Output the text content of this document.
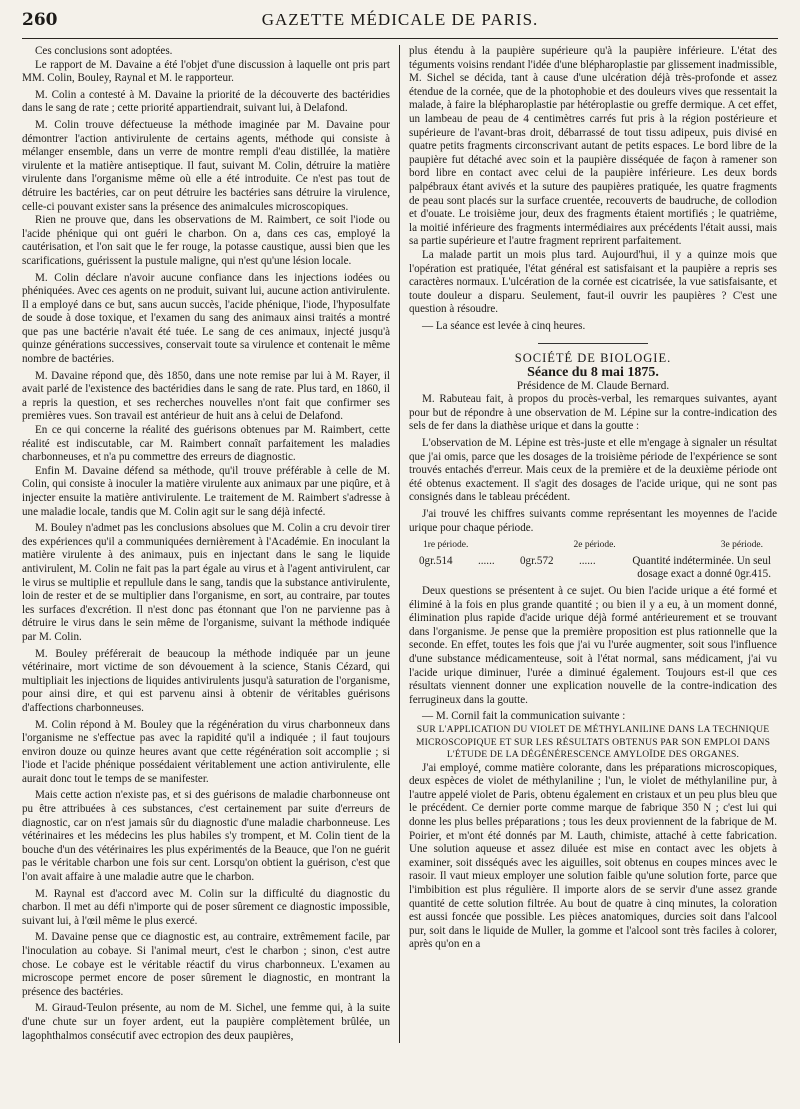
260	GAZETTE MÉDICALE DE PARIS.

Ces conclusions sont adoptées.

Le rapport de M. Davaine a été l'objet d'une discussion à laquelle ont pris part MM. Colin, Bouley, Raynal et M. le rapporteur.

M. Colin a contesté à M. Davaine la priorité de la découverte des bactéridies dans le sang de rate ; cette priorité appartiendrait, suivant lui, à Delafond.

M. Colin trouve défectueuse la méthode imaginée par M. Davaine pour démontrer l'action antivirulente de certains agents, méthode qui consiste à mélanger ensemble, dans un verre de montre rempli d'eau distillée, la matière virulente et la matière antiseptique. Il faut, suivant M. Colin, détruire la matière virulente dans l'organisme même où elle a été introduite. Ce n'est pas tout de détruire les bactéries, car on peut détruire les bactéries sans détruire la virulence, celle-ci pouvant exister sans la présence des animalcules microscopiques.

Rien ne prouve que, dans les observations de M. Raimbert, ce soit l'iode ou l'acide phénique qui ont guéri le charbon. On a, dans ces cas, employé la cautérisation, et l'on sait que le fer rouge, la potasse caustique, aussi bien que les scarifications, guérissent la pustule maligne, qui n'est qu'une lésion locale.

M. Colin déclare n'avoir aucune confiance dans les injections iodées ou phéniquées. Avec ces agents on ne produit, suivant lui, aucune action antivirulente. Il a employé dans ce but, sans aucun succès, l'acide phénique, l'iode, l'hyposulfate de soude à dose toxique, et l'examen du sang des animaux ainsi traités a montré que pas une bactérie n'avait été tuée. Le sang de ces animaux, injecté jusqu'à quinze générations successives, conservait toute sa virulence et contenait le même nombre de bactéries.

M. Davaine répond que, dès 1850, dans une note remise par lui à M. Rayer, il avait parlé de l'existence des bactéridies dans le sang de rate. Plus tard, en 1860, il a repris la question, et ses recherches nouvelles n'ont fait que confirmer ses premières vues. Son travail est antérieur de huit ans à celui de Delafond.

En ce qui concerne la réalité des guérisons obtenues par M. Raimbert, cette réalité est indiscutable, car M. Raimbert connaît parfaitement les maladies charbonneuses, et n'a pu commettre des erreurs de diagnostic.

Enfin M. Davaine défend sa méthode, qu'il trouve préférable à celle de M. Colin, qui consiste à inoculer la matière virulente aux animaux par une piqûre, et à injecter ensuite la matière antivirulente. Le traitement de M. Raimbert s'adresse à une maladie locale, tandis que M. Colin agit sur le sang déjà infecté.

M. Bouley n'admet pas les conclusions absolues que M. Colin a cru devoir tirer des expériences qu'il a communiquées dernièrement à l'Académie. En inoculant la matière virulente à des animaux, puis en injectant dans le sang le liquide antivirulent, M. Colin ne fait pas la part égale au virus et à l'agent antivirulent, car le virus se multiplie et repullule dans le sang, tandis que la substance antivirulente, loin de rester et de se multiplier dans l'organisme, en sort, au contraire, par toutes les surfaces d'excrétion. Il n'est donc pas étonnant que l'on ne parvienne pas à détruire le virus dans le sein même de l'organisme, suivant la méthode indiquée par M. Colin.

M. Bouley préférerait de beaucoup la méthode indiquée par un jeune vétérinaire, mort victime de son dévouement à la science, Stanis Cézard, qui multipliait les injections de liquides antivirulents jusqu'à saturation de l'organisme, pour ainsi dire, et qui est parvenu ainsi à obtenir de véritables guérisons d'affections charbonneuses.

M. Colin répond à M. Bouley que la régénération du virus charbonneux dans l'organisme ne s'effectue pas avec la rapidité qu'il a indiquée ; il faut toujours environ douze ou quinze heures avant que cette régénération soit accomplie ; si l'iode et l'acide phénique possédaient véritablement une action antivirulente, elle aurait donc tout le temps de se manifester.

Mais cette action n'existe pas, et si des guérisons de maladie charbonneuse ont pu être attribuées à ces substances, c'est certainement par suite d'erreurs de diagnostic, car on n'est jamais sûr du diagnostic d'une maladie charbonneuse. Les vétérinaires et les médecins les plus habiles s'y trompent, et M. Colin tient de la bouche d'un des vétérinaires les plus expérimentés de la Beauce, que l'on ne guérit pas le véritable charbon une fois sur cent. Lorsqu'on obtient la guérison, c'est que l'on avait affaire à une maladie autre que le charbon.

M. Raynal est d'accord avec M. Colin sur la difficulté du diagnostic du charbon. Il met au défi n'importe qui de poser sûrement ce diagnostic impossible, suivant lui, à l'œil même le plus exercé.

M. Davaine pense que ce diagnostic est, au contraire, extrêmement facile, par l'inoculation au cobaye. Si l'animal meurt, c'est le charbon ; sinon, c'est autre chose. Le cobaye est le véritable réactif du virus charbonneux. L'examen au microscope permet encore de poser sûrement le diagnostic, en montrant la présence des bactéries.

M. Giraud-Teulon présente, au nom de M. Sichel, une femme qui, à la suite d'une chute sur un foyer ardent, eut la paupière complètement brûlée, un lagophthalmos consécutif avec ectropion des deux paupières,

plus étendu à la paupière supérieure qu'à la paupière inférieure. L'état des téguments voisins rendant l'idée d'une blépharoplastie par glissement inadmissible, M. Sichel se décida, tant à cause d'une ulcération déjà très-profonde et assez étendue de la cornée, que de la photophobie et des douleurs vives que ressentait la malade, à faire la blépharoplastie par hétéroplastie ou greffe dermique. A cet effet, un lambeau de peau de 4 centimètres carrés fut pris à la région postérieure et supérieure de l'avant-bras droit, débarrassé de tout tissu adipeux, puis divisé en quatre petits fragments circonscrivant autant de petits espaces. Le bord libre de la paupière fut détaché avec soin et la paupière disséquée de façon à ramener son bord libre en contact avec celui de la paupière inférieure. Les deux bords palpébraux étant avivés et la suture des paupières pratiquée, les quatre fragments de peau sont placés sur la surface cruentée, recouverts de baudruche, de collodion et d'ouate. Le troisième jour, deux des fragments étaient mortifiés ; le quatrième, la moitié inférieure des fragments intermédiaires aux précédents l'était aussi, mais sa partie supérieure et l'autre fragment reprirent parfaitement.

La malade partit un mois plus tard. Aujourd'hui, il y a quinze mois que l'opération est pratiquée, l'état général est satisfaisant et la paupière a repris ses caractères normaux. L'ulcération de la cornée est cicatrisée, la vue satisfaisante, et toute douleur a disparu. Seulement, faut-il ouvrir les paupières ? C'est une question à résoudre.

— La séance est levée à cinq heures.

SOCIÉTÉ DE BIOLOGIE.

Séance du 8 mai 1875.

Présidence de M. Claude Bernard.

M. Rabuteau fait, à propos du procès-verbal, les remarques suivantes, ayant pour but de répondre à une observation de M. Lépine sur la contre-indication des sels de fer dans la diathèse urique et dans la goutte :

L'observation de M. Lépine est très-juste et elle m'engage à signaler un résultat que j'ai omis, parce que les dosages de la troisième période de l'expérience se sont trouvés entachés d'erreur. Mais ceux de la première et de la deuxième période ont été obtenus exactement. Il s'agit des dosages de l'acide urique, qui ne sont pas consignés dans le tableau précédent.

J'ai trouvé les chiffres suivants comme représentant les moyennes de l'acide urique pour chaque période.

1re période.	2e période.	3e période.
0gr.514 ...... 0gr.572 ......	Quantité indéterminée. Un seul dosage exact a donné 0gr.415.

Deux questions se présentent à ce sujet. Ou bien l'acide urique a été formé et éliminé à la fois en plus grande quantité ; ou bien il y a eu, à un moment donné, élimination plus rapide d'acide urique déjà formé antérieurement et se trouvant dans l'organisme. Je pense que la première proposition est plus rationnelle que la seconde. En effet, toutes les fois que j'ai vu l'urée augmenter, soit sous l'influence d'une substance médicamenteuse, soit à l'état normal, sans médicament, j'ai vu l'acide urique diminuer, l'urée a diminué également. Toujours est-il que ces résultats viennent donner une explication nouvelle de la contre-indication des ferrugineux dans la goutte.

— M. Cornil fait la communication suivante :

SUR L'APPLICATION DU VIOLET DE MÉTHYLANILINE DANS LA TECHNIQUE MICROSCOPIQUE ET SUR LES RÉSULTATS OBTENUS PAR SON EMPLOI DANS L'ÉTUDE DE LA DÉGÉNÉRESCENCE AMYLOÏDE DES ORGANES.

J'ai employé, comme matière colorante, dans les préparations microscopiques, deux espèces de violet de méthylaniline ; l'un, le violet de méthylaniline pur, à l'autre appelé violet de Paris, obtenu également en cristaux et un peu plus bleu que le précédent. Ce dernier porte comme marque de fabrique 350 N ; c'est lui qui donne les plus belles préparations ; tous les deux proviennent de la fabrique de M. Poirier, et m'ont été donnés par M. Lauth, chimiste, attaché à cette fabrication. Une solution aqueuse et assez diluée est mise en contact avec les objets à examiner, soit disséqués avec les aiguilles, soit obtenus en coupes minces avec le rasoir. Il vaut mieux employer une solution faible qu'une solution forte, parce que l'imbibition est plus régulière. Il importe alors de se servir d'une assez grande quantité de cette solution filtrée. Au bout de quatre à cinq minutes, la coloration est aussi foncée que possible. Les pièces anatomiques, durcies soit dans l'alcool pur, soit dans le liquide de Muller, la gomme et l'alcool sont très faciles à colorer, après qu'on en a
